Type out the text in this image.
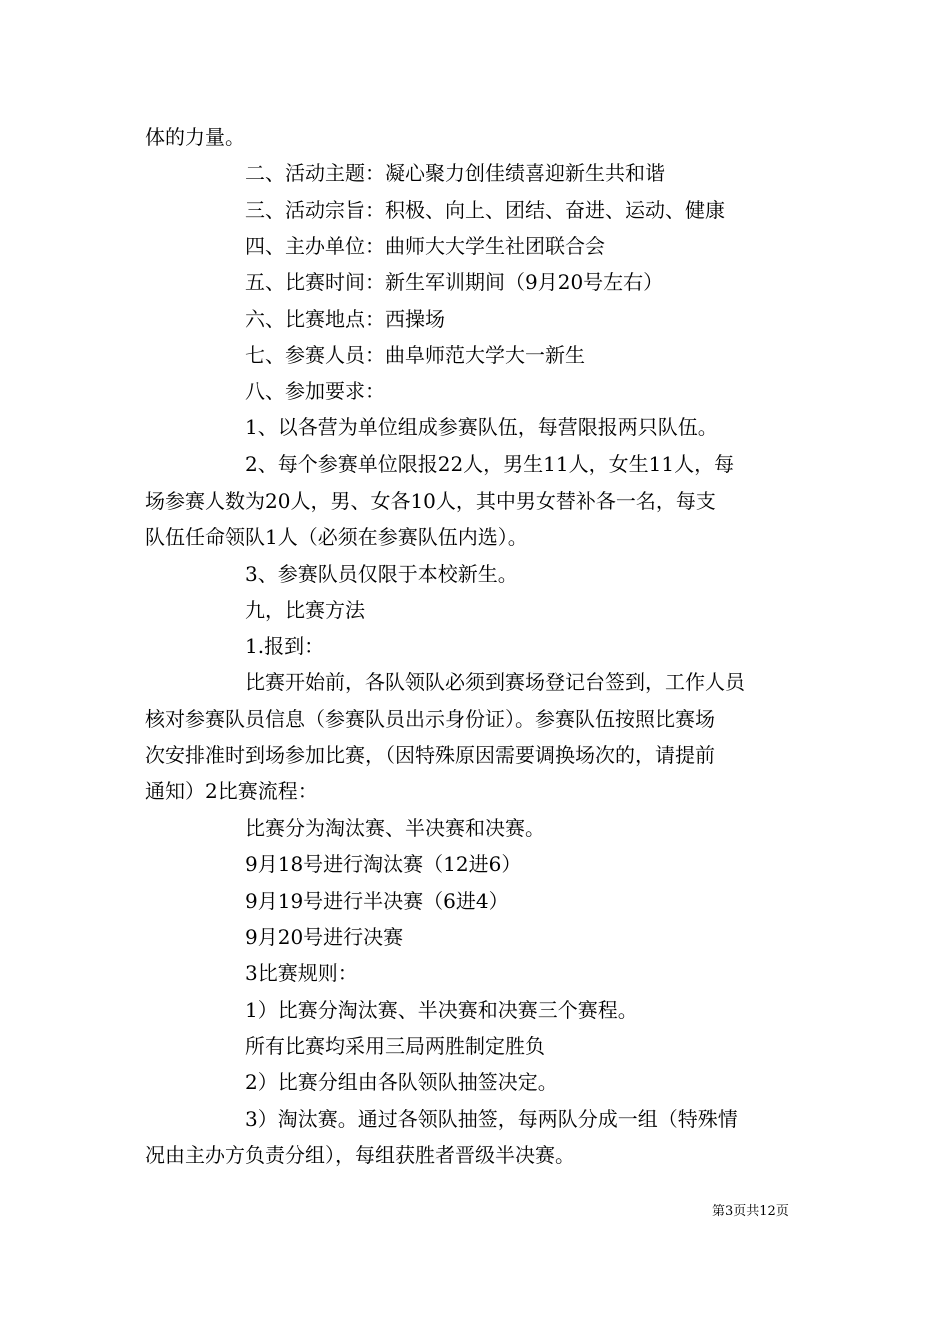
体的力量。
二、活动主题：凝心聚力创佳绩喜迎新生共和谐
三、活动宗旨：积极、向上、团结、奋进、运动、健康
四、主办单位：曲师大大学生社团联合会
五、比赛时间：新生军训期间（9月20号左右）
六、比赛地点：西操场
七、参赛人员：曲阜师范大学大一新生
八、参加要求：
1、以各营为单位组成参赛队伍，每营限报两只队伍。
2、每个参赛单位限报22人，男生11人，女生11人，每
场参赛人数为20人，男、女各10人，其中男女替补各一名，每支
队伍任命领队1人（必须在参赛队伍内选）。
3、参赛队员仅限于本校新生。
九，比赛方法
1.报到：
比赛开始前，各队领队必须到赛场登记台签到，工作人员
核对参赛队员信息（参赛队员出示身份证）。参赛队伍按照比赛场
次安排准时到场参加比赛，（因特殊原因需要调换场次的，请提前
通知）2比赛流程：
比赛分为淘汰赛、半决赛和决赛。
9月18号进行淘汰赛（12进6）
9月19号进行半决赛（6进4）
9月20号进行决赛
3比赛规则：
1）比赛分淘汰赛、半决赛和决赛三个赛程。
所有比赛均采用三局两胜制定胜负
2）比赛分组由各队领队抽签决定。
3）淘汰赛。通过各领队抽签，每两队分成一组（特殊情
况由主办方负责分组），每组获胜者晋级半决赛。
第3页共12页
